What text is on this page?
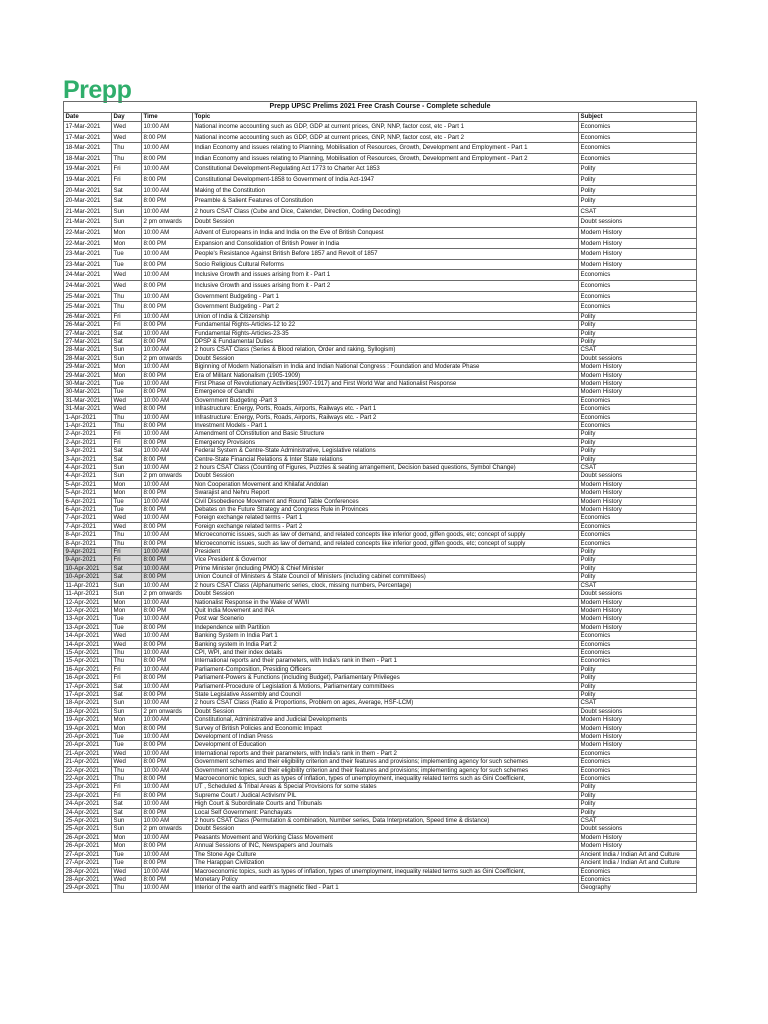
Prepp
Prepp UPSC Prelims 2021 Free Crash Course - Complete schedule				
Date	Day	Time	Topic	Subject
17-Mar-2021	Wed	10:00 AM	National income accounting such as GDP, GDP at current prices, GNP, NNP, factor cost, etc - Part 1	Economics
17-Mar-2021	Wed	8:00 PM	National income accounting such as GDP, GDP at current prices, GNP, NNP, factor cost, etc - Part 2	Economics
18-Mar-2021	Thu	10:00 AM	Indian Economy and issues relating to Planning, Mobilisation of Resources, Growth, Development and Employment - Part 1	Economics
18-Mar-2021	Thu	8:00 PM	Indian Economy and issues relating to Planning, Mobilisation of Resources, Growth, Development and Employment - Part 2	Economics
19-Mar-2021	Fri	10:00 AM	Constitutional Development-Regulating Act 1773 to Charter Act 1853	Polity
19-Mar-2021	Fri	8:00 PM	Constitutional Development-1858 to Government of India Act-1947	Polity
20-Mar-2021	Sat	10:00 AM	Making of the Constitution	Polity
20-Mar-2021	Sat	8:00 PM	Preamble & Salient Features of Constitution	Polity
21-Mar-2021	Sun	10:00 AM	2 hours CSAT Class (Cube and Dice, Calender, Direction, Coding Decoding)	CSAT
21-Mar-2021	Sun	2 pm onwards	Doubt Session	Doubt sessions
22-Mar-2021	Mon	10:00 AM	Advent of Europeans in India and India on the Eve of British Conquest	Modern History
22-Mar-2021	Mon	8:00 PM	Expansion and Consolidation of British Power in India	Modern History
23-Mar-2021	Tue	10:00 AM	People's Resistance Against British Before 1857 and Revolt of 1857	Modern History
23-Mar-2021	Tue	8:00 PM	Socio Religious Cultural Reforms	Modern History
24-Mar-2021	Wed	10:00 AM	Inclusive Growth and issues arising from it - Part 1	Economics
24-Mar-2021	Wed	8:00 PM	Inclusive Growth and issues arising from it - Part 2	Economics
25-Mar-2021	Thu	10:00 AM	Government Budgeting - Part 1	Economics
25-Mar-2021	Thu	8:00 PM	Government Budgeting - Part 2	Economics
26-Mar-2021	Fri	10:00 AM	Union of India & Citizenship	Polity
26-Mar-2021	Fri	8:00 PM	Fundamental Rights-Articles-12 to 22	Polity
27-Mar-2021	Sat	10:00 AM	Fundamental Rights-Articles-23-35	Polity
27-Mar-2021	Sat	8:00 PM	DPSP & Fundamental Duties	Polity
28-Mar-2021	Sun	10:00 AM	2 hours CSAT Class (Series & Blood relation, Order and raking, Syllogism)	CSAT
28-Mar-2021	Sun	2 pm onwards	Doubt Session	Doubt sessions
29-Mar-2021	Mon	10:00 AM	Biginning of Modern Nationalism in India and Indian National Congress : Foundation and Moderate Phase	Modern History
29-Mar-2021	Mon	8:00 PM	Era of Militant Nationalism (1905-1909)	Modern History
30-Mar-2021	Tue	10:00 AM	First Phase of Revolutionary Activities(1907-1917) and First World War and Nationalist Response	Modern History
30-Mar-2021	Tue	8:00 PM	Emergence of Gandhi	Modern History
31-Mar-2021	Wed	10:00 AM	Government Budgeting -Part 3	Economics
31-Mar-2021	Wed	8:00 PM	Infrastructure: Energy, Ports, Roads, Airports, Railways etc. - Part 1	Economics
1-Apr-2021	Thu	10:00 AM	Infrastructure: Energy, Ports, Roads, Airports, Railways etc. - Part 2	Economics
1-Apr-2021	Thu	8:00 PM	Investment Models - Part 1	Economics
2-Apr-2021	Fri	10:00 AM	Amendment of COnstitution and Basic Structure	Polity
2-Apr-2021	Fri	8:00 PM	Emergency Provisions	Polity
3-Apr-2021	Sat	10:00 AM	Federal System & Centre-State Administrative, Legislative relations	Polity
3-Apr-2021	Sat	8:00 PM	Centre-State Financial Relations & Inter State relations	Polity
4-Apr-2021	Sun	10:00 AM	2 hours CSAT Class (Counting of Figures, Puzzles & seating arrangement, Decision based questions, Symbol Change)	CSAT
4-Apr-2021	Sun	2 pm onwards	Doubt Session	Doubt sessions
5-Apr-2021	Mon	10:00 AM	Non Cooperation Movement and Khilafat Andolan	Modern History
5-Apr-2021	Mon	8:00 PM	Swarajist and Nehru Report	Modern History
6-Apr-2021	Tue	10:00 AM	Civil Disobedience Movement and Round Table Conferences	Modern History
6-Apr-2021	Tue	8:00 PM	Debates on the Future Strategy and Congress Rule in Provinces	Modern History
7-Apr-2021	Wed	10:00 AM	Foreign exchange related terms - Part 1	Economics
7-Apr-2021	Wed	8:00 PM	Foreign exchange related terms - Part 2	Economics
8-Apr-2021	Thu	10:00 AM	Microeconomic issues, such as law of demand, and related concepts like inferior good, giffen goods, etc; concept of supply	Economics
8-Apr-2021	Thu	8:00 PM	Microeconomic issues, such as law of demand, and related concepts like inferior good, giffen goods, etc; concept of supply	Economics
9-Apr-2021	Fri	10:00 AM	President	Polity
9-Apr-2021	Fri	8:00 PM	Vice President & Governor	Polity
10-Apr-2021	Sat	10:00 AM	Prime Minister (including PMO) & Chief Minister	Polity
10-Apr-2021	Sat	8:00 PM	Union Council of Ministers & State Council of Ministers (including cabinet committees)	Polity
11-Apr-2021	Sun	10:00 AM	2 hours CSAT Class (Alphanumeric series, clock, missing numbers, Percentage)	CSAT
11-Apr-2021	Sun	2 pm onwards	Doubt Session	Doubt sessions
12-Apr-2021	Mon	10:00 AM	Nationalist Response in the Wake of WWII	Modern History
12-Apr-2021	Mon	8:00 PM	Quit India Movement and INA	Modern History
13-Apr-2021	Tue	10:00 AM	Post war Scenerio	Modern History
13-Apr-2021	Tue	8:00 PM	Independence with Partition	Modern History
14-Apr-2021	Wed	10:00 AM	Banking System in India Part 1	Economics
14-Apr-2021	Wed	8:00 PM	Banking system in India Part 2	Economics
15-Apr-2021	Thu	10:00 AM	CPI, WPI, and their index details	Economics
15-Apr-2021	Thu	8:00 PM	International reports and their parameters, with India's rank in them - Part 1	Economics
16-Apr-2021	Fri	10:00 AM	Parliament-Composition, Presiding Officers	Polity
16-Apr-2021	Fri	8:00 PM	Parliament-Powers & Functions (including Budget), Parliamentary Privileges	Polity
17-Apr-2021	Sat	10:00 AM	Parliament-Procedure of Legislation & Motions, Parliamentary committees	Polity
17-Apr-2021	Sat	8:00 PM	State Legislative Assembly and Council	Polity
18-Apr-2021	Sun	10:00 AM	2 hours CSAT Class (Ratio & Proportions, Problem on ages, Average, HSF-LCM)	CSAT
18-Apr-2021	Sun	2 pm onwards	Doubt Session	Doubt sessions
19-Apr-2021	Mon	10:00 AM	Constitutional, Administrative and Judicial Developments	Modern History
19-Apr-2021	Mon	8:00 PM	Survey of British Policies and Economic Impact	Modern History
20-Apr-2021	Tue	10:00 AM	Development of Indian Press	Modern History
20-Apr-2021	Tue	8:00 PM	Development of Education	Modern History
21-Apr-2021	Wed	10:00 AM	International reports and their parameters, with India's rank in them - Part 2	Economics
21-Apr-2021	Wed	8:00 PM	Government schemes and their eligibility criterion and their features and provisions; implementing agency for such schemes	Economics
22-Apr-2021	Thu	10:00 AM	Government schemes and their eligibility criterion and their features and provisions; implementing agency for such schemes	Economics
22-Apr-2021	Thu	8:00 PM	Macroeconomic topics, such as types of inflation, types of unemployment, inequality related terms such as Gini Coefficient,	Economics
23-Apr-2021	Fri	10:00 AM	UT , Scheduled & Tribal Areas & Special Provisions for some states	Polity
23-Apr-2021	Fri	8:00 PM	Supreme Court / Judical Activism/ PIL	Polity
24-Apr-2021	Sat	10:00 AM	High Court & Subordinate Courts and Tribunals	Polity
24-Apr-2021	Sat	8:00 PM	Local Self Government: Panchayats	Polity
25-Apr-2021	Sun	10:00 AM	2 hours CSAT Class (Permutation & combination, Number series, Data Interpretation, Speed time & distance)	CSAT
25-Apr-2021	Sun	2 pm onwards	Doubt Session	Doubt sessions
26-Apr-2021	Mon	10:00 AM	Peasants Movement and Working Class Movement	Modern History
26-Apr-2021	Mon	8:00 PM	Annual Sessions of INC, Newspapers and Journals	Modern History
27-Apr-2021	Tue	10:00 AM	The Stone Age Culture	Ancient India / Indian Art and Culture
27-Apr-2021	Tue	8:00 PM	The Harappan Civilization	Ancient India / Indian Art and Culture
28-Apr-2021	Wed	10:00 AM	Macroeconomic topics, such as types of inflation, types of unemployment, inequality related terms such as Gini Coefficient,	Economics
28-Apr-2021	Wed	8:00 PM	Monetary Policy	Economics
29-Apr-2021	Thu	10:00 AM	Interior of the earth and earth's magnetic filed - Part 1	Geography
